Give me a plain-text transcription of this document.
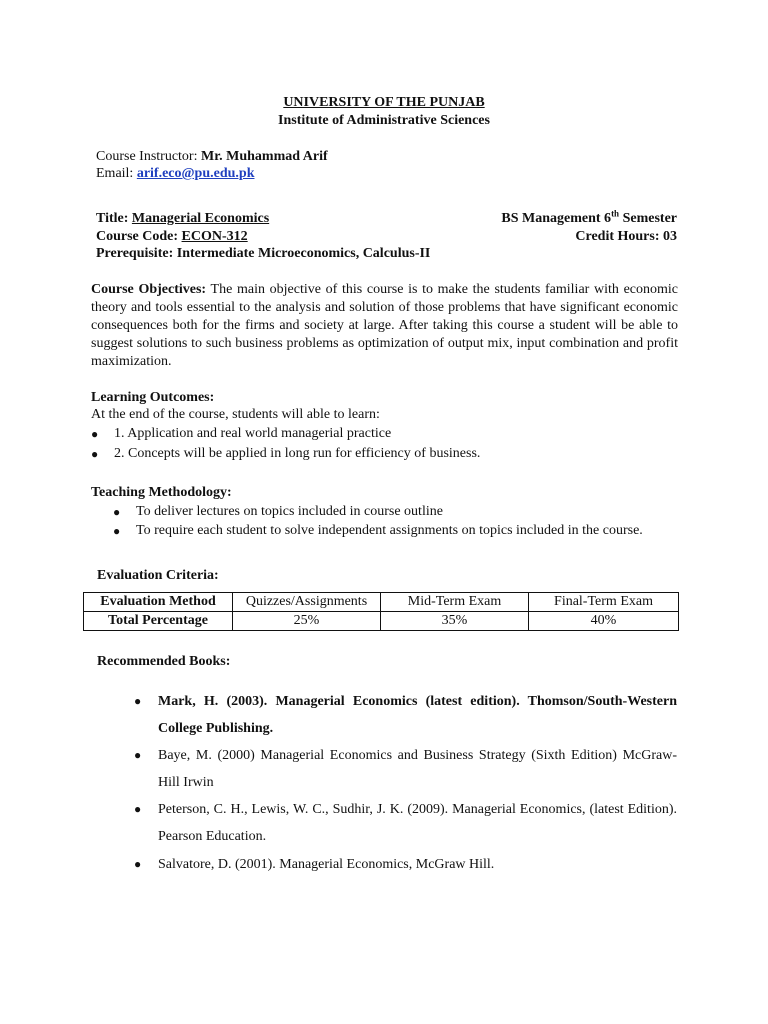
UNIVERSITY OF THE PUNJAB
Institute of Administrative Sciences
Course Instructor: Mr. Muhammad Arif
Email: arif.eco@pu.edu.pk
Title: Managerial Economics	BS Management 6th Semester
Course Code: ECON-312	Credit Hours: 03
Prerequisite: Intermediate Microeconomics, Calculus-II
Course Objectives: The main objective of this course is to make the students familiar with economic theory and tools essential to the analysis and solution of those problems that have significant economic consequences both for the firms and society at large. After taking this course a student will be able to suggest solutions to such business problems as optimization of output mix, input combination and profit maximization.
Learning Outcomes:
At the end of the course, students will able to learn:
● 1. Application and real world managerial practice
● 2. Concepts will be applied in long run for efficiency of business.
Teaching Methodology:
● To deliver lectures on topics included in course outline
● To require each student to solve independent assignments on topics included in the course.
Evaluation Criteria:
Evaluation Method	Quizzes/Assignments	Mid-Term Exam	Final-Term Exam
Total Percentage	25%	35%	40%
Recommended Books:
● Mark, H. (2003). Managerial Economics (latest edition). Thomson/South-Western College Publishing.
● Baye, M. (2000) Managerial Economics and Business Strategy (Sixth Edition) McGraw-Hill Irwin
● Peterson, C. H., Lewis, W. C., Sudhir, J. K. (2009). Managerial Economics, (latest Edition). Pearson Education.
● Salvatore, D. (2001). Managerial Economics, McGraw Hill.
